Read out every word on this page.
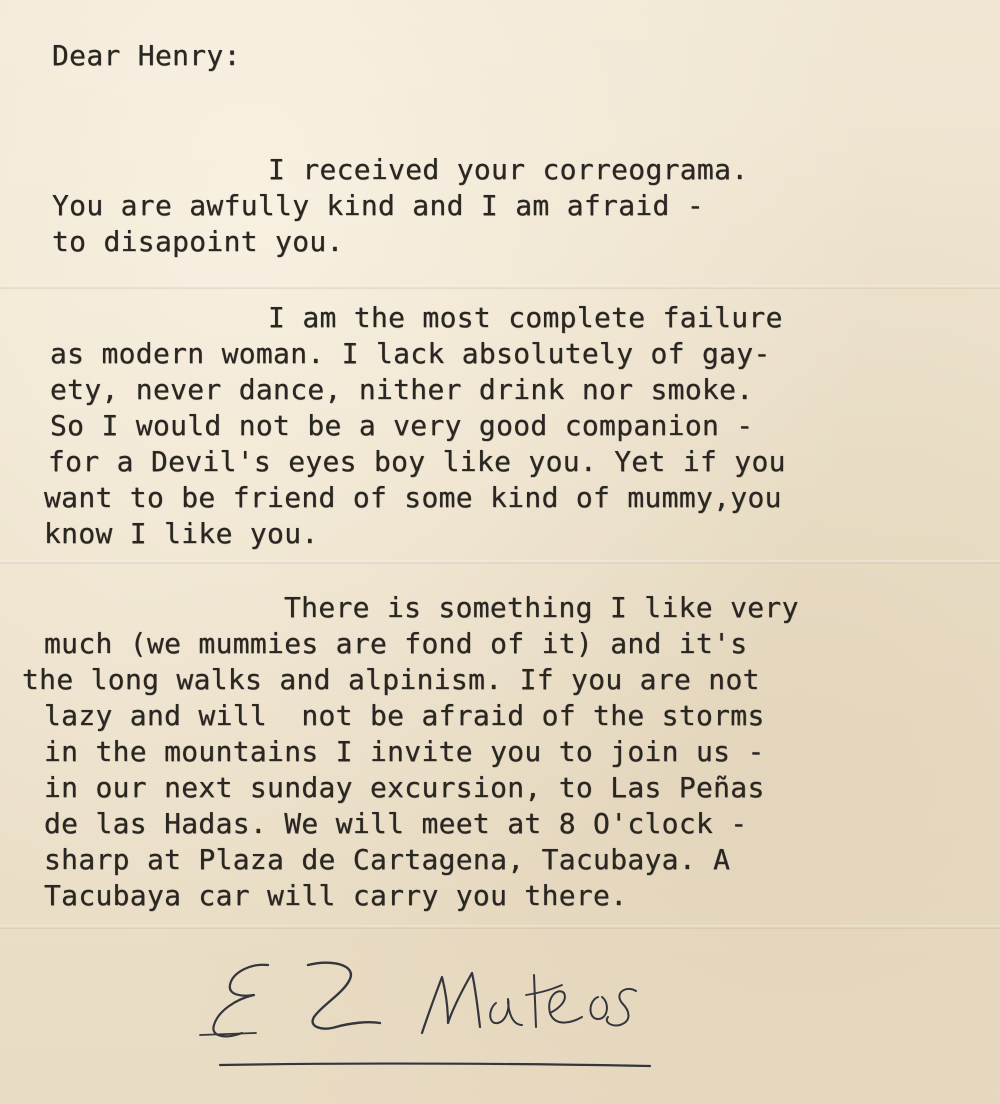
Dear Henry:

I received your correograma.

You are awfully kind and I am afraid -

to disapoint you.

I am the most complete failure

as modern woman. I lack absolutely of gay-

ety, never dance, nither drink nor smoke.

So I would not be a very good companion -

for a Devil's eyes boy like you. Yet if you

want to be friend of some kind of mummy,you

know I like you.

There is something I like very

much (we mummies are fond of it) and it's

the long walks and alpinism. If you are not

lazy and will  not be afraid of the storms

in the mountains I invite you to join us -

in our next sunday excursion, to Las Peñas

de las Hadas. We will meet at 8 O'clock -

sharp at Plaza de Cartagena, Tacubaya. A

Tacubaya car will carry you there.
